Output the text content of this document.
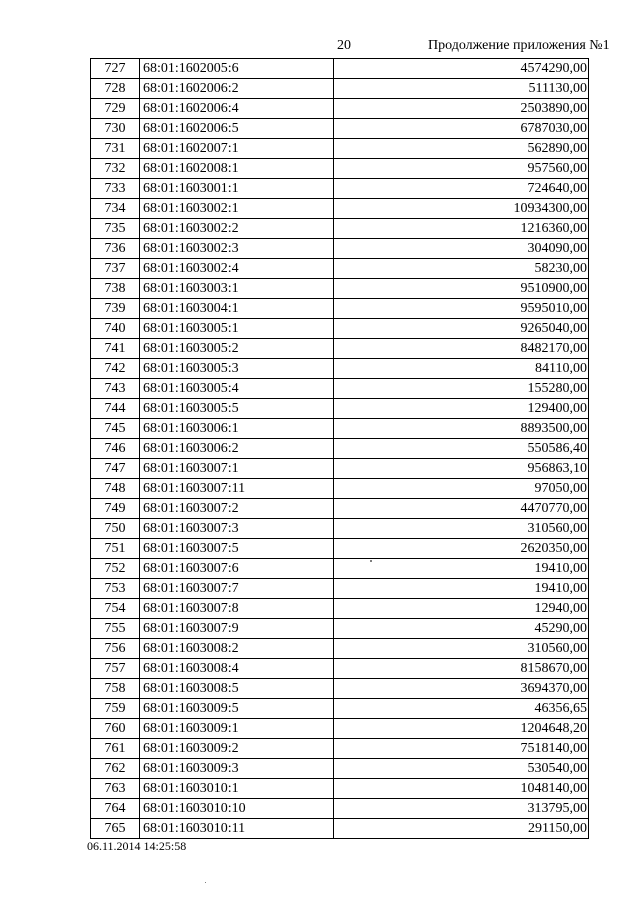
20	Продолжение приложения №1
727	68:01:1602005:6	4574290,00
728	68:01:1602006:2	511130,00
729	68:01:1602006:4	2503890,00
730	68:01:1602006:5	6787030,00
731	68:01:1602007:1	562890,00
732	68:01:1602008:1	957560,00
733	68:01:1603001:1	724640,00
734	68:01:1603002:1	10934300,00
735	68:01:1603002:2	1216360,00
736	68:01:1603002:3	304090,00
737	68:01:1603002:4	58230,00
738	68:01:1603003:1	9510900,00
739	68:01:1603004:1	9595010,00
740	68:01:1603005:1	9265040,00
741	68:01:1603005:2	8482170,00
742	68:01:1603005:3	84110,00
743	68:01:1603005:4	155280,00
744	68:01:1603005:5	129400,00
745	68:01:1603006:1	8893500,00
746	68:01:1603006:2	550586,40
747	68:01:1603007:1	956863,10
748	68:01:1603007:11	97050,00
749	68:01:1603007:2	4470770,00
750	68:01:1603007:3	310560,00
751	68:01:1603007:5	2620350,00
752	68:01:1603007:6	19410,00
753	68:01:1603007:7	19410,00
754	68:01:1603007:8	12940,00
755	68:01:1603007:9	45290,00
756	68:01:1603008:2	310560,00
757	68:01:1603008:4	8158670,00
758	68:01:1603008:5	3694370,00
759	68:01:1603009:5	46356,65
760	68:01:1603009:1	1204648,20
761	68:01:1603009:2	7518140,00
762	68:01:1603009:3	530540,00
763	68:01:1603010:1	1048140,00
764	68:01:1603010:10	313795,00
765	68:01:1603010:11	291150,00
06.11.2014 14:25:58
